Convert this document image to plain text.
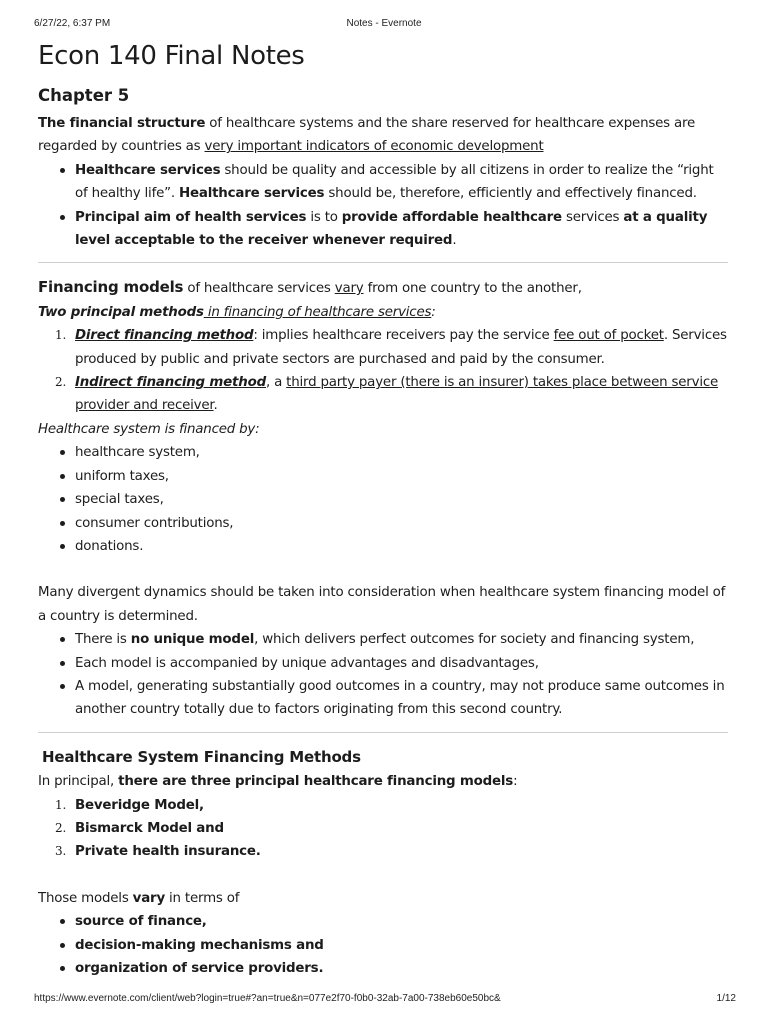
6/27/22, 6:37 PM	Notes - Evernote
Econ 140 Final Notes
Chapter 5

The financial structure of healthcare systems and the share reserved for healthcare expenses are regarded by countries as very important indicators of economic development

Healthcare services should be quality and accessible by all citizens in order to realize the “right of healthy life”. Healthcare services should be, therefore, efficiently and effectively financed.
Principal aim of health services is to provide affordable healthcare services at a quality level acceptable to the receiver whenever required.

Financing models of healthcare services vary from one country to the another,

Two principal methods in financing of healthcare services:

Direct financing method: implies healthcare receivers pay the service fee out of pocket. Services produced by public and private sectors are purchased and paid by the consumer.
Indirect financing method, a third party payer (there is an insurer) takes place between service provider and receiver.

Healthcare system is financed by:

healthcare system,
uniform taxes,
special taxes,
consumer contributions,
donations.

Many divergent dynamics should be taken into consideration when healthcare system financing model of a country is determined.

There is no unique model, which delivers perfect outcomes for society and financing system,
Each model is accompanied by unique advantages and disadvantages,
A model, generating substantially good outcomes in a country, may not produce same outcomes in another country totally due to factors originating from this second country.

Healthcare System Financing Methods

In principal, there are three principal healthcare financing models:

Beveridge Model,
Bismarck Model and
Private health insurance.

Those models vary in terms of

source of finance,
decision-making mechanisms and
organization of service providers.
https://www.evernote.com/client/web?login=true#?an=true&n=077e2f70-f0b0-32ab-7a00-738eb60e50bc&	1/12
